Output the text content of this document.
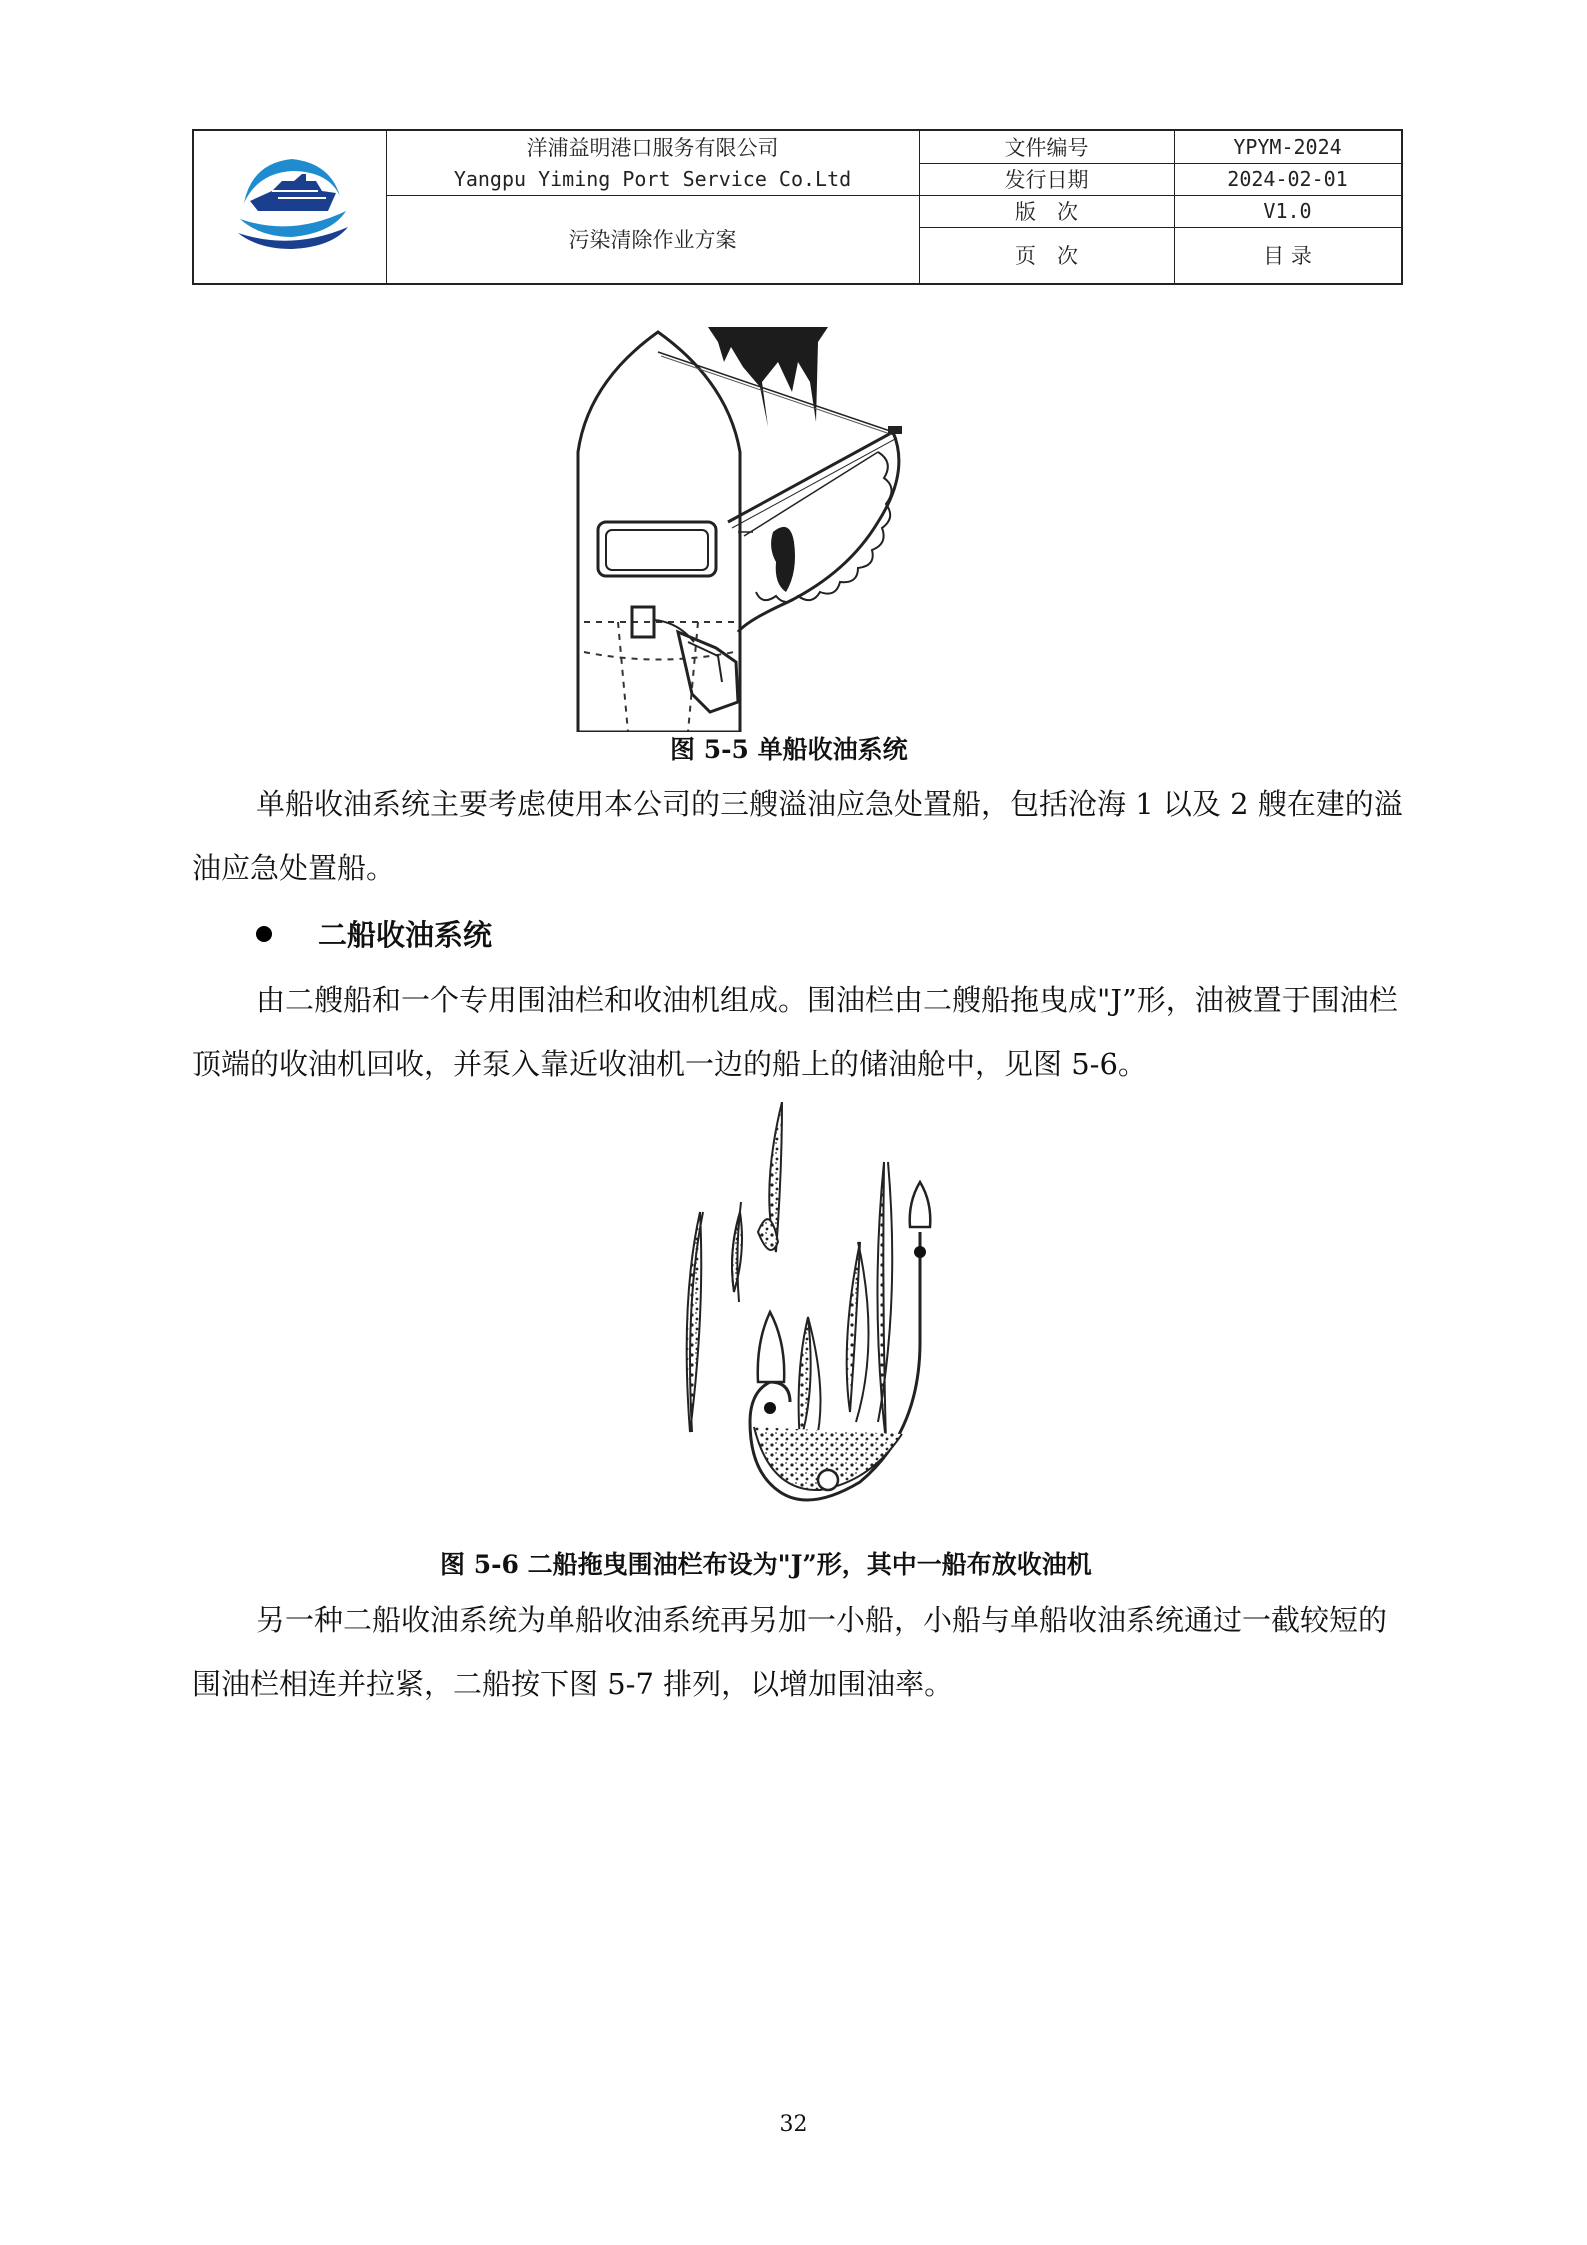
洋浦益明港口服务有限公司
Yangpu Yiming Port Service Co.Ltd
污染清除作业方案
文件编号	YPYM-2024
发行日期	2024-02-01
版　次	V1.0
页　次	目 录
图 5-5 单船收油系统

单船收油系统主要考虑使用本公司的三艘溢油应急处置船，包括沧海 1 以及 2 艘在建的溢油应急处置船。

二船收油系统

由二艘船和一个专用围油栏和收油机组成。围油栏由二艘船拖曳成"J”形，油被置于围油栏顶端的收油机回收，并泵入靠近收油机一边的船上的储油舱中，见图 5-6。

图 5-6 二船拖曳围油栏布设为"J”形，其中一船布放收油机

另一种二船收油系统为单船收油系统再另加一小船，小船与单船收油系统通过一截较短的围油栏相连并拉紧，二船按下图 5-7 排列，以增加围油率。

32
